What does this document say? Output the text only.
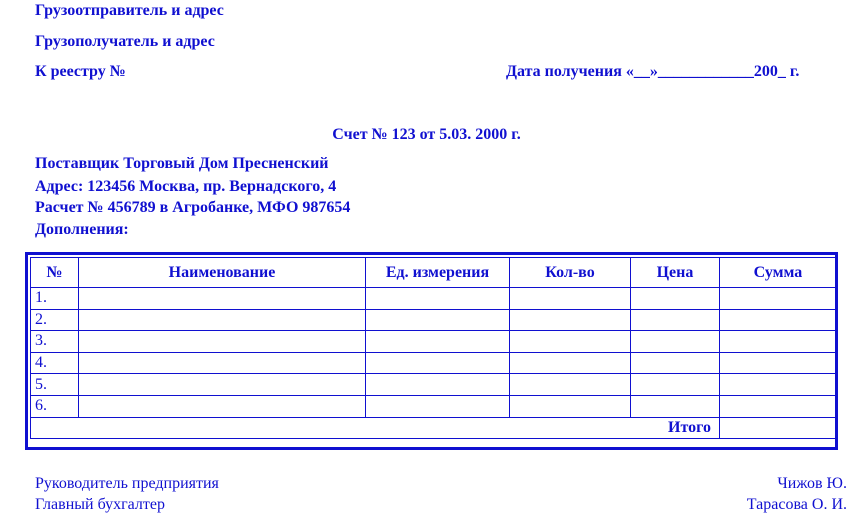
Грузоотправитель и адрес
Грузополучатель и адрес
К реестру №	Дата получения «__»____________200_ г.
Счет № 123 от 5.03. 2000 г.
Поставщик Торговый Дом Пресненский
Адрес: 123456 Москва, пр. Вернадского, 4
Расчет № 456789 в Агробанке, МФО 987654
Дополнения:
№	Наименование	Ед. измерения	Кол-во	Цена	Сумма
1.					
2.					
3.					
4.					
5.					
6.					
Итого					
Руководитель предприятия	Чижов Ю.
Главный бухгалтер	Тарасова О. И.
